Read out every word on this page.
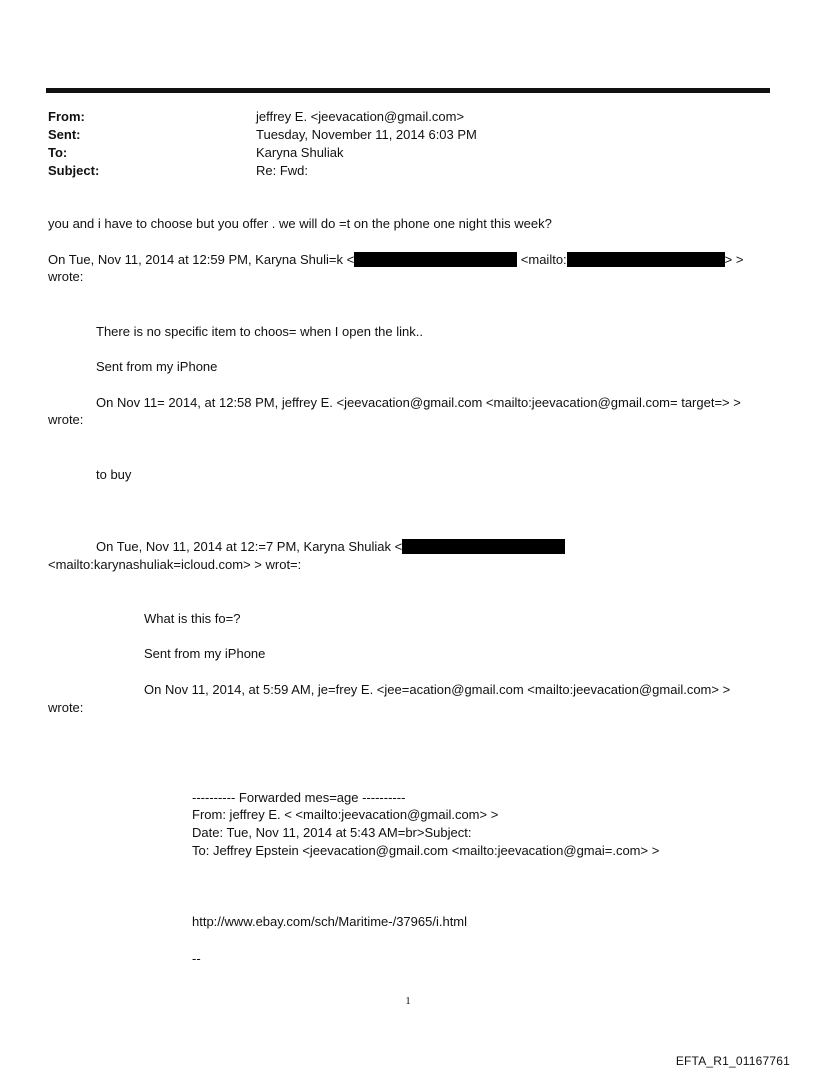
From:	jeffrey E. <jeevacation@gmail.com>
Sent:	Tuesday, November 11, 2014 6:03 PM
To:	Karyna Shuliak
Subject:	Re: Fwd:
you and i have to choose but you offer . we will do =t on the phone one night this week?
On Tue, Nov 11, 2014 at 12:59 PM, Karyna Shuli=k <	<mailto:	> >
wrote:
There is no specific item to choos= when I open the link..
Sent from my iPhone
On Nov 11= 2014, at 12:58 PM, jeffrey E. <jeevacation@gmail.com <mailto:jeevacation@gmail.com= target=> >
wrote:
to buy
On Tue, Nov 11, 2014 at 12:=7 PM, Karyna Shuliak <
<mailto:karynashuliak=icloud.com> > wrot=:
What is this fo=?
Sent from my iPhone
On Nov 11, 2014, at 5:59 AM, je=frey E. <jee=acation@gmail.com <mailto:jeevacation@gmail.com> >
wrote:
---------- Forwarded mes=age ----------
From: jeffrey E. < <mailto:jeevacation@gmail.com> >
Date: Tue, Nov 11, 2014 at 5:43 AM=br>Subject:
To: Jeffrey Epstein <jeevacation@gmail.com <mailto:jeevacation@gmai=.com> >
http://www.ebay.com/sch/Maritime-/37965/i.html
--
1
EFTA_R1_01167761
